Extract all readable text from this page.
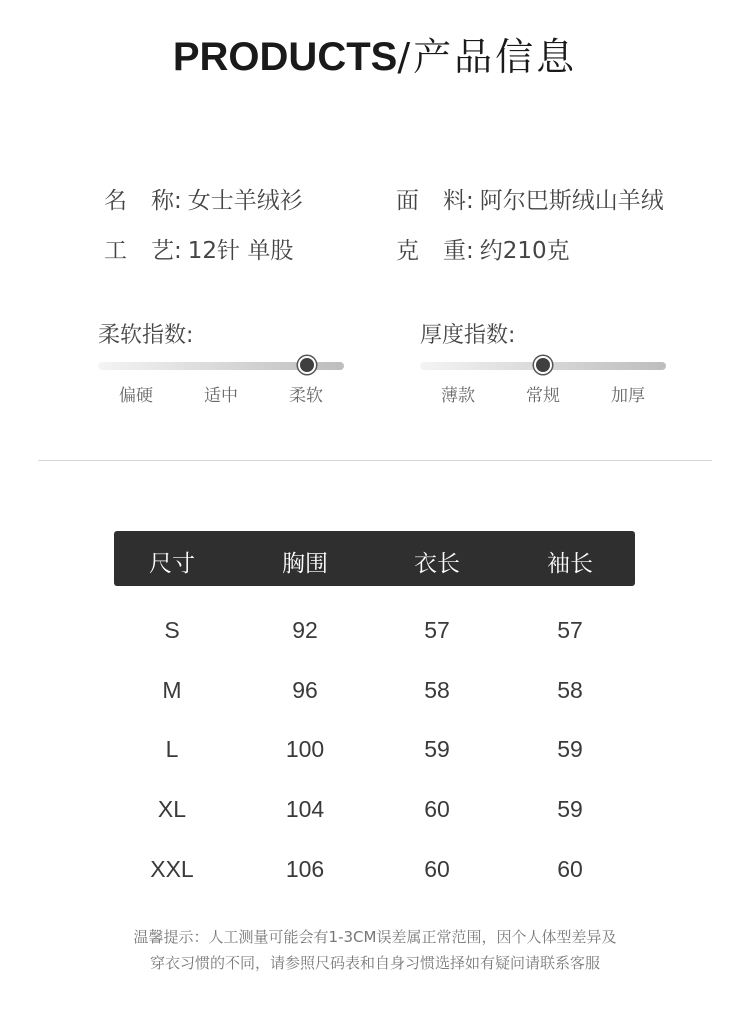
PRODUCTS/产品信息
名称: 女士羊绒衫	面料: 阿尔巴斯绒山羊绒
工艺: 12针 单股	克重: 约210克
柔软指数:
偏硬	适中	柔软
厚度指数:
薄款	常规	加厚
尺寸	胸围	衣长	袖长
S	92	57	57
M	96	58	58
L	100	59	59
XL	104	60	59
XXL	106	60	60
温馨提示：人工测量可能会有1-3CM误差属正常范围，因个人体型差异及
穿衣习惯的不同，请参照尺码表和自身习惯选择如有疑问请联系客服
